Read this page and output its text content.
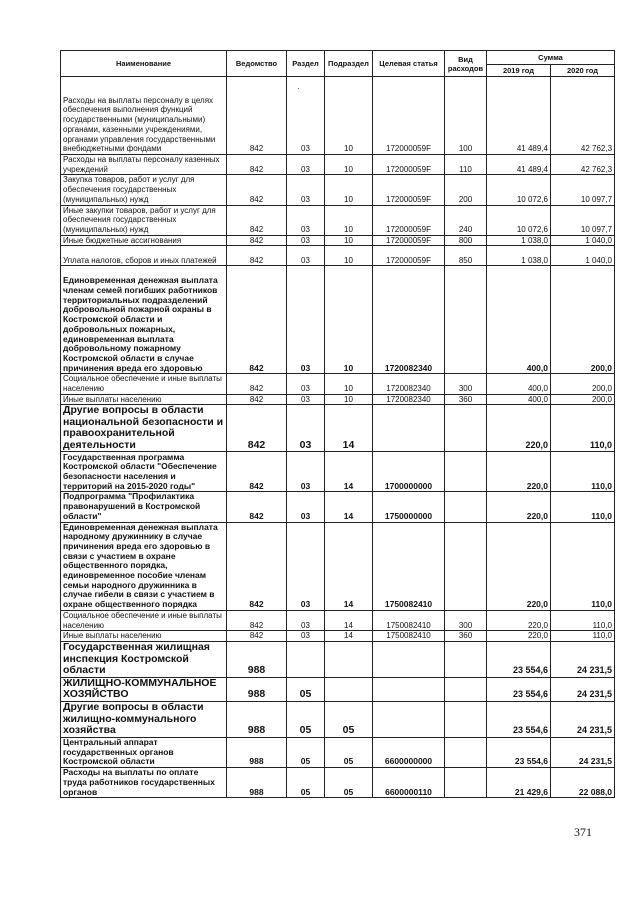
Наименование	Ведомство	Раздел	Подраздел	Целевая статья	Вид расходов	Сумма	
						2019 год	2020 год
Расходы на выплаты персоналу в целях обеспечения выполнения функций государственными (муниципальными) органами, казенными учреждениями, органами управления государственными внебюджетными фондами	842	03	10	172000059F	100	41 489,4	42 762,3
Расходы на выплаты персоналу казенных учреждений	842	03	10	172000059F	110	41 489,4	42 762,3
Закупка товаров, работ и услуг для обеспечения государственных (муниципальных) нужд	842	03	10	172000059F	200	10 072,6	10 097,7
Иные закупки товаров, работ и услуг для обеспечения государственных (муниципальных) нужд	842	03	10	172000059F	240	10 072,6	10 097,7
Иные бюджетные ассигнования	842	03	10	172000059F	800	1 038,0	1 040,0
Уплата налогов, сборов и иных платежей	842	03	10	172000059F	850	1 038,0	1 040,0
Единовременная денежная выплата членам семей погибших работников территориальных подразделений добровольной пожарной охраны в Костромской области и добровольных пожарных, единовременная выплата добровольному пожарному Костромской области в случае причинения вреда его здоровью	842	03	10	1720082340		400,0	200,0
Социальное обеспечение и иные выплаты населению	842	03	10	1720082340	300	400,0	200,0
Иные выплаты населению	842	03	10	1720082340	360	400,0	200,0
Другие вопросы в области национальной безопасности и правоохранительной деятельности	842	03	14			220,0	110,0
Государственная программа Костромской области "Обеспечение безопасности населения и территорий на 2015-2020 годы"	842	03	14	1700000000		220,0	110,0
Подпрограмма "Профилактика правонарушений в Костромской области"	842	03	14	1750000000		220,0	110,0
Единовременная денежная выплата народному дружиннику в случае причинения вреда его здоровью в связи с участием в охране общественного порядка, единовременное пособие членам семьи народного дружинника в случае гибели в связи с участием в охране общественного порядка	842	03	14	1750082410		220,0	110,0
Социальное обеспечение и иные выплаты населению	842	03	14	1750082410	300	220,0	110,0
Иные выплаты населению	842	03	14	1750082410	360	220,0	110,0
Государственная жилищная инспекция Костромской области	988					23 554,6	24 231,5
ЖИЛИЩНО-КОММУНАЛЬНОЕ ХОЗЯЙСТВО	988	05				23 554,6	24 231,5
Другие вопросы в области жилищно-коммунального хозяйства	988	05	05			23 554,6	24 231,5
Центральный аппарат государственных органов Костромской области	988	05	05	6600000000		23 554,6	24 231,5
Расходы на выплаты по оплате труда работников государственных органов	988	05	05	6600000110		21 429,6	22 088,0
·
371
